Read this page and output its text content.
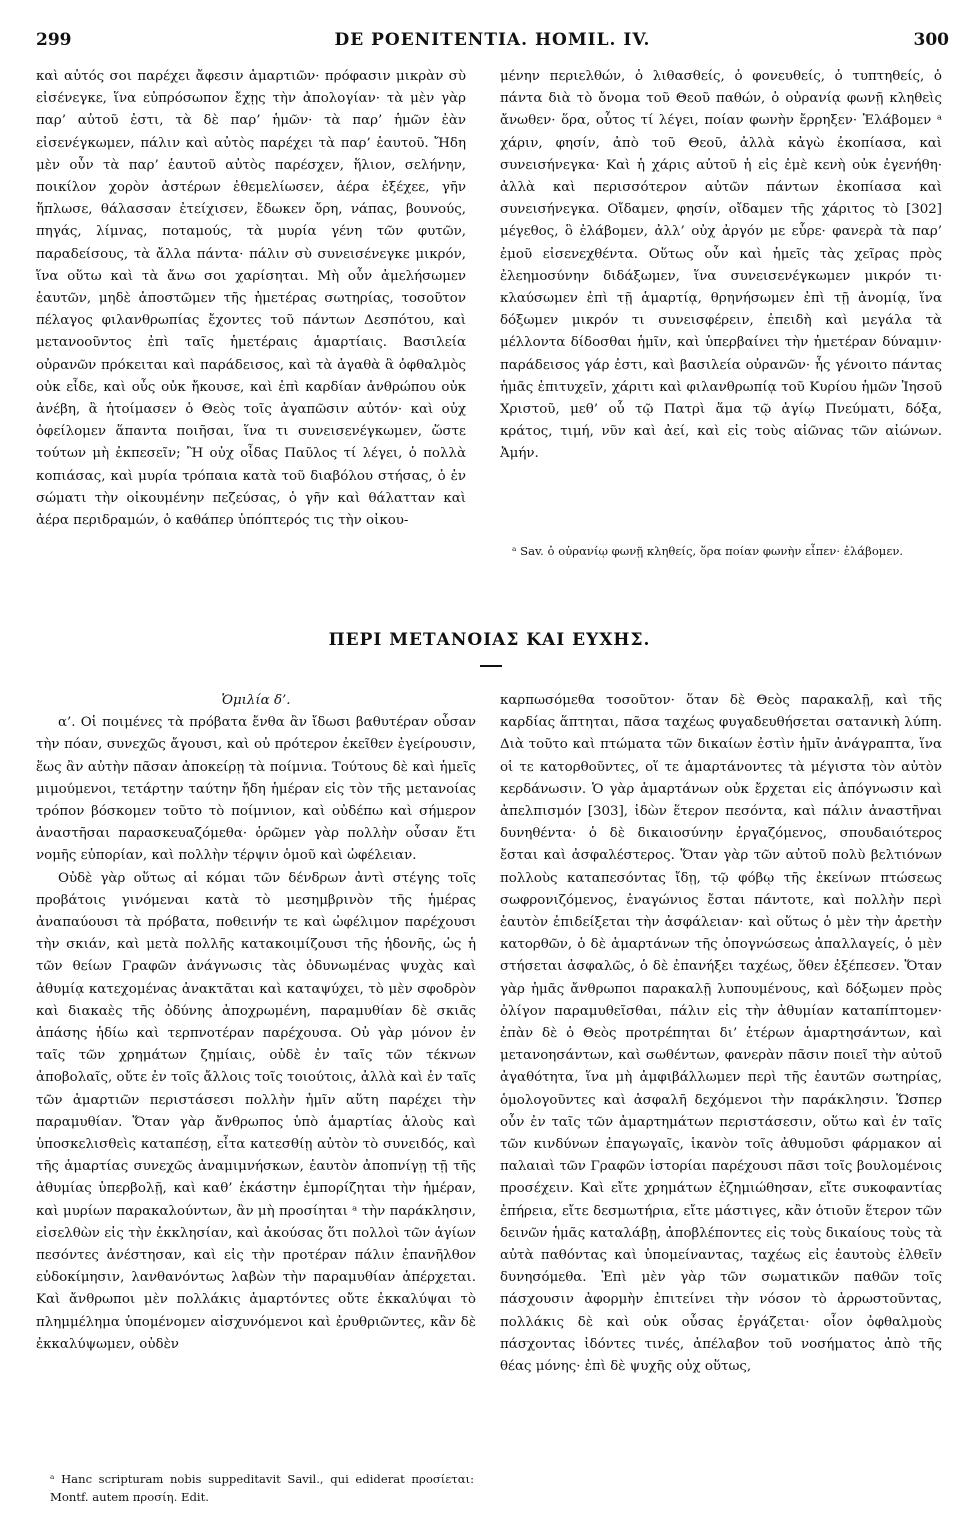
299	DE POENITENTIA. HOMIL. IV.	300

καὶ αὐτός σοι παρέχει ἄφεσιν ἁμαρτιῶν· πρόφασιν μικρὰν σὺ εἰσένεγκε, ἵνα εὐπρόσωπον ἔχῃς τὴν ἀπολογίαν· τὰ μὲν γὰρ παρ’ αὐτοῦ ἐστι, τὰ δὲ παρ’ ἡμῶν· τὰ παρ’ ἡμῶν ἐὰν εἰσενέγκωμεν, πάλιν καὶ αὐτὸς παρέχει τὰ παρ’ ἑαυτοῦ. Ἤδη μὲν οὖν τὰ παρ’ ἑαυτοῦ αὐτὸς παρέσχεν, ἥλιον, σελήνην, ποικίλον χορὸν ἀστέρων ἐθεμελίωσεν, ἀέρα ἐξέχεε, γῆν ἥπλωσε, θάλασσαν ἐτείχισεν, ἔδωκεν ὄρη, νάπας, βουνούς, πηγάς, λίμνας, ποταμούς, τὰ μυρία γένη τῶν φυτῶν, παραδείσους, τὰ ἄλλα πάντα· πάλιν σὺ συνεισένεγκε μικρόν, ἵνα οὕτω καὶ τὰ ἄνω σοι χαρίσηται. Μὴ οὖν ἀμελήσωμεν ἑαυτῶν, μηδὲ ἀποστῶμεν τῆς ἡμετέρας σωτηρίας, τοσοῦτον πέλαγος φιλανθρωπίας ἔχοντες τοῦ πάντων Δεσπότου, καὶ μετανοοῦντος ἐπὶ ταῖς ἡμετέραις ἁμαρτίαις. Βασιλεία οὐρανῶν πρόκειται καὶ παράδεισος, καὶ τὰ ἀγαθὰ ἃ ὀφθαλμὸς οὐκ εἶδε, καὶ οὖς οὐκ ἤκουσε, καὶ ἐπὶ καρδίαν ἀνθρώπου οὐκ ἀνέβη, ἃ ἡτοίμασεν ὁ Θεὸς τοῖς ἀγαπῶσιν αὐτόν· καὶ οὐχ ὀφείλομεν ἅπαντα ποιῆσαι, ἵνα τι συνεισενέγκωμεν, ὥστε τούτων μὴ ἐκπεσεῖν; Ἢ οὐχ οἶδας Παῦλος τί λέγει, ὁ πολλὰ κοπιάσας, καὶ μυρία τρόπαια κατὰ τοῦ διαβόλου στήσας, ὁ ἐν σώματι τὴν οἰκουμένην πεζεύσας, ὁ γῆν καὶ θάλατταν καὶ ἀέρα περιδραμών, ὁ καθάπερ ὑπόπτερός τις τὴν οἰκου-

μένην περιελθών, ὁ λιθασθείς, ὁ φονευθείς, ὁ τυπτηθείς, ὁ πάντα διὰ τὸ ὄνομα τοῦ Θεοῦ παθών, ὁ οὐρανίᾳ φωνῇ κληθεὶς ἄνωθεν· ὅρα, οὗτος τί λέγει, ποίαν φωνὴν ἔρρηξεν· Ἐλάβομεν ᵃ χάριν, φησίν, ἀπὸ τοῦ Θεοῦ, ἀλλὰ κἀγὼ ἐκοπίασα, καὶ συνεισήνεγκα· Καὶ ἡ χάρις αὐτοῦ ἡ εἰς ἐμὲ κενὴ οὐκ ἐγενήθη· ἀλλὰ καὶ περισσότερον αὐτῶν πάντων ἐκοπίασα καὶ συνεισήνεγκα. Οἴδαμεν, φησίν, οἴδαμεν τῆς χάριτος τὸ [302] μέγεθος, ὃ ἐλάβομεν, ἀλλ’ οὐχ ἀργόν με εὗρε· φανερὰ τὰ παρ’ ἐμοῦ εἰσενεχθέντα. Οὕτως οὖν καὶ ἡμεῖς τὰς χεῖρας πρὸς ἐλεημοσύνην διδάξωμεν, ἵνα συνεισενέγκωμεν μικρόν τι· κλαύσωμεν ἐπὶ τῇ ἁμαρτίᾳ, θρηνήσωμεν ἐπὶ τῇ ἀνομίᾳ, ἵνα δόξωμεν μικρόν τι συνεισφέρειν, ἐπειδὴ καὶ μεγάλα τὰ μέλλοντα δίδοσθαι ἡμῖν, καὶ ὑπερβαίνει τὴν ἡμετέραν δύναμιν· παράδεισος γάρ ἐστι, καὶ βασιλεία οὐρανῶν· ἧς γένοιτο πάντας ἡμᾶς ἐπιτυχεῖν, χάριτι καὶ φιλανθρωπίᾳ τοῦ Κυρίου ἡμῶν Ἰησοῦ Χριστοῦ, μεθ’ οὗ τῷ Πατρὶ ἅμα τῷ ἁγίῳ Πνεύματι, δόξα, κράτος, τιμή, νῦν καὶ ἀεί, καὶ εἰς τοὺς αἰῶνας τῶν αἰώνων. Ἀμήν.

ᵃ Sav. ὁ οὐρανίῳ φωνῇ κληθείς, ὅρα ποίαν φωνὴν εἶπεν· ἐλάβομεν.
ΠΕΡΙ ΜΕΤΑΝΟΙΑΣ ΚΑΙ ΕΥΧΗΣ.

Ὁμιλία δ’.

α’. Οἱ ποιμένες τὰ πρόβατα ἔνθα ἂν ἴδωσι βαθυτέραν οὖσαν τὴν πόαν, συνεχῶς ἄγουσι, καὶ οὐ πρότερον ἐκεῖθεν ἐγείρουσιν, ἕως ἂν αὐτὴν πᾶσαν ἀποκείρῃ τὰ ποίμνια. Τούτους δὲ καὶ ἡμεῖς μιμούμενοι, τετάρτην ταύτην ἤδη ἡμέραν εἰς τὸν τῆς μετανοίας τρόπον βόσκομεν τοῦτο τὸ ποίμνιον, καὶ οὐδέπω καὶ σήμερον ἀναστῆσαι παρασκευαζόμεθα· ὁρῶμεν γὰρ πολλὴν οὖσαν ἔτι νομῆς εὐπορίαν, καὶ πολλὴν τέρψιν ὁμοῦ καὶ ὠφέλειαν.

Οὐδὲ γὰρ οὕτως αἱ κόμαι τῶν δένδρων ἀντὶ στέγης τοῖς προβάτοις γινόμεναι κατὰ τὸ μεσημβρινὸν τῆς ἡμέρας ἀναπαύουσι τὰ πρόβατα, ποθεινήν τε καὶ ὠφέλιμον παρέχουσι τὴν σκιάν, καὶ μετὰ πολλῆς κατακοιμίζουσι τῆς ἡδονῆς, ὡς ἡ τῶν θείων Γραφῶν ἀνάγνωσις τὰς ὀδυνωμένας ψυχὰς καὶ ἀθυμίᾳ κατεχομένας ἀνακτᾶται καὶ καταψύχει, τὸ μὲν σφοδρὸν καὶ διακαὲς τῆς ὀδύνης ἀποχρωμένη, παραμυθίαν δὲ σκιᾶς ἁπάσης ἡδίω καὶ τερπνοτέραν παρέχουσα. Οὐ γὰρ μόνον ἐν ταῖς τῶν χρημάτων ζημίαις, οὐδὲ ἐν ταῖς τῶν τέκνων ἀποβολαῖς, οὔτε ἐν τοῖς ἄλλοις τοῖς τοιούτοις, ἀλλὰ καὶ ἐν ταῖς τῶν ἁμαρτιῶν περιστάσεσι πολλὴν ἡμῖν αὕτη παρέχει τὴν παραμυθίαν. Ὅταν γὰρ ἄνθρωπος ὑπὸ ἁμαρτίας ἁλοὺς καὶ ὑποσκελισθεὶς καταπέσῃ, εἶτα κατεσθίῃ αὐτὸν τὸ συνειδός, καὶ τῆς ἁμαρτίας συνεχῶς ἀναμιμνήσκων, ἑαυτὸν ἀποπνίγῃ τῇ τῆς ἀθυμίας ὑπερβολῇ, καὶ καθ’ ἑκάστην ἐμπορίζηται τὴν ἡμέραν, καὶ μυρίων παρακαλούντων, ἂν μὴ προσίηται ᵃ τὴν παράκλησιν, εἰσελθὼν εἰς τὴν ἐκκλησίαν, καὶ ἀκούσας ὅτι πολλοὶ τῶν ἁγίων πεσόντες ἀνέστησαν, καὶ εἰς τὴν προτέραν πάλιν ἐπανῆλθον εὐδοκίμησιν, λανθανόντως λαβὼν τὴν παραμυθίαν ἀπέρχεται. Καὶ ἄνθρωποι μὲν πολλάκις ἁμαρτόντες οὔτε ἐκκαλύψαι τὸ πλημμέλημα ὑπομένομεν αἰσχυνόμενοι καὶ ἐρυθριῶντες, κἂν δὲ ἐκκαλύψωμεν, οὐδὲν

ᵃ Hanc scripturam nobis suppeditavit Savil., qui ediderat προσίεται: Montf. autem προσίη. Edit.

καρπωσόμεθα τοσοῦτον· ὅταν δὲ Θεὸς παρακαλῇ, καὶ τῆς καρδίας ἅπτηται, πᾶσα ταχέως φυγαδευθήσεται σατανικὴ λύπη. Διὰ τοῦτο καὶ πτώματα τῶν δικαίων ἐστὶν ἡμῖν ἀνάγραπτα, ἵνα οἱ τε κατορθοῦντες, οἵ τε ἁμαρτάνοντες τὰ μέγιστα τὸν αὐτὸν κερδάνωσιν. Ὁ γὰρ ἁμαρτάνων οὐκ ἔρχεται εἰς ἀπόγνωσιν καὶ ἀπελπισμόν [303], ἰδὼν ἕτερον πεσόντα, καὶ πάλιν ἀναστῆναι δυνηθέντα· ὁ δὲ δικαιοσύνην ἐργαζόμενος, σπουδαιότερος ἔσται καὶ ἀσφαλέστερος. Ὅταν γὰρ τῶν αὐτοῦ πολὺ βελτιόνων πολλοὺς καταπεσόντας ἴδῃ, τῷ φόβῳ τῆς ἐκείνων πτώσεως σωφρονιζόμενος, ἐναγώνιος ἔσται πάντοτε, καὶ πολλὴν περὶ ἑαυτὸν ἐπιδείξεται τὴν ἀσφάλειαν· καὶ οὕτως ὁ μὲν τὴν ἀρετὴν κατορθῶν, ὁ δὲ ἁμαρτάνων τῆς ὀπογνώσεως ἀπαλλαγείς, ὁ μὲν στήσεται ἀσφαλῶς, ὁ δὲ ἐπανήξει ταχέως, ὅθεν ἐξέπεσεν. Ὅταν γὰρ ἡμᾶς ἄνθρωποι παρακαλῇ λυπουμένους, καὶ δόξωμεν πρὸς ὀλίγον παραμυθεῖσθαι, πάλιν εἰς τὴν ἀθυμίαν καταπίπτομεν· ἐπὰν δὲ ὁ Θεὸς προτρέπηται δι’ ἑτέρων ἁμαρτησάντων, καὶ μετανοησάντων, καὶ σωθέντων, φανερὰν πᾶσιν ποιεῖ τὴν αὐτοῦ ἀγαθότητα, ἵνα μὴ ἀμφιβάλλωμεν περὶ τῆς ἑαυτῶν σωτηρίας, ὁμολογοῦντες καὶ ἀσφαλῆ δεχόμενοι τὴν παράκλησιν. Ὥσπερ οὖν ἐν ταῖς τῶν ἁμαρτημάτων περιστάσεσιν, οὕτω καὶ ἐν ταῖς τῶν κινδύνων ἐπαγωγαῖς, ἱκανὸν τοῖς ἀθυμοῦσι φάρμακον αἱ παλαιαὶ τῶν Γραφῶν ἱστορίαι παρέχουσι πᾶσι τοῖς βουλομένοις προσέχειν. Καὶ εἴτε χρημάτων ἐζημιώθησαν, εἴτε συκοφαντίας ἐπήρεια, εἴτε δεσμωτήρια, εἴτε μάστιγες, κἂν ὁτιοῦν ἕτερον τῶν δεινῶν ἡμᾶς καταλάβῃ, ἀποβλέποντες εἰς τοὺς δικαίους τοὺς τὰ αὐτὰ παθόντας καὶ ὑπομείναντας, ταχέως εἰς ἑαυτοὺς ἐλθεῖν δυνησόμεθα. Ἐπὶ μὲν γὰρ τῶν σωματικῶν παθῶν τοῖς πάσχουσιν ἀφορμὴν ἐπιτείνει τὴν νόσον τὸ ἀρρωστοῦντας, πολλάκις δὲ καὶ οὐκ οὖσας ἐργάζεται· οἷον ὀφθαλμοὺς πάσχοντας ἰδόντες τινές, ἀπέλαβον τοῦ νοσήματος ἀπὸ τῆς θέας μόνης· ἐπὶ δὲ ψυχῆς οὐχ οὕτως,
